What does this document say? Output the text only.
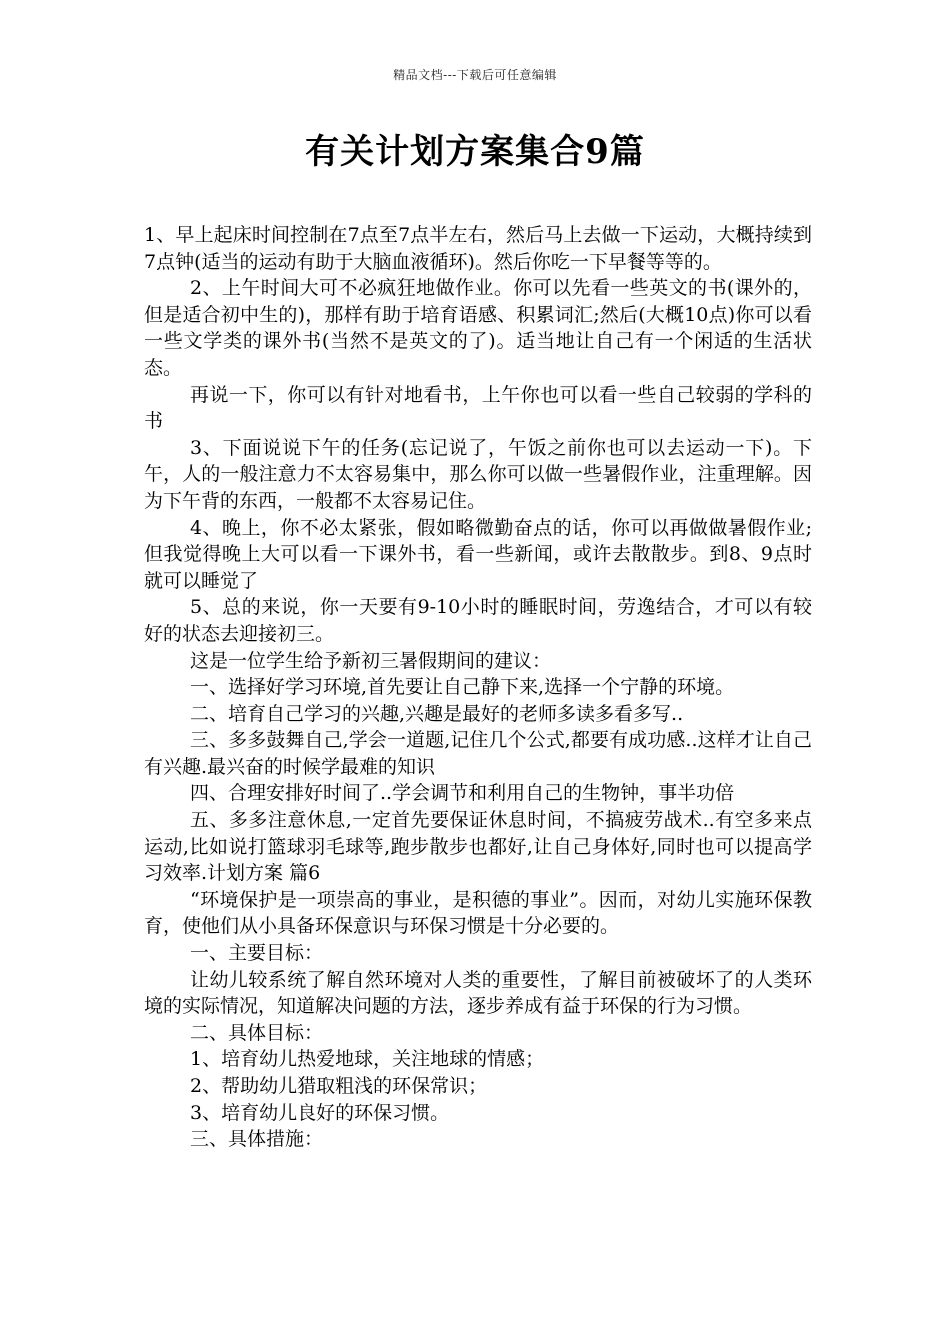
精品文档---下载后可任意编辑
有关计划方案集合9篇

1、早上起床时间控制在7点至7点半左右，然后马上去做一下运动，大概持续到7点钟(适当的运动有助于大脑血液循环)。然后你吃一下早餐等等的。

2、上午时间大可不必疯狂地做作业。你可以先看一些英文的书(课外的，但是适合初中生的)，那样有助于培育语感、积累词汇;然后(大概10点)你可以看一些文学类的课外书(当然不是英文的了)。适当地让自己有一个闲适的生活状态。

再说一下，你可以有针对地看书，上午你也可以看一些自己较弱的学科的书

3、下面说说下午的任务(忘记说了，午饭之前你也可以去运动一下)。下午，人的一般注意力不太容易集中，那么你可以做一些暑假作业，注重理解。因为下午背的东西，一般都不太容易记住。

4、晚上，你不必太紧张，假如略微勤奋点的话，你可以再做做暑假作业;但我觉得晚上大可以看一下课外书，看一些新闻，或许去散散步。到8、9点时就可以睡觉了

5、总的来说，你一天要有9-10小时的睡眠时间，劳逸结合，才可以有较好的状态去迎接初三。

这是一位学生给予新初三暑假期间的建议：

一、选择好学习环境,首先要让自己静下来,选择一个宁静的环境。

二、培育自己学习的兴趣,兴趣是最好的老师多读多看多写..

三、多多鼓舞自己,学会一道题,记住几个公式,都要有成功感..这样才让自己有兴趣.最兴奋的时候学最难的知识

四、合理安排好时间了..学会调节和利用自己的生物钟，事半功倍

五、多多注意休息,一定首先要保证休息时间，不搞疲劳战术..有空多来点运动,比如说打篮球羽毛球等,跑步散步也都好,让自己身体好,同时也可以提高学习效率.计划方案 篇6

“环境保护是一项崇高的事业，是积德的事业”。因而，对幼儿实施环保教育，使他们从小具备环保意识与环保习惯是十分必要的。

一、主要目标：

让幼儿较系统了解自然环境对人类的重要性，了解目前被破坏了的人类环境的实际情况，知道解决问题的方法，逐步养成有益于环保的行为习惯。

二、具体目标：

1、培育幼儿热爱地球，关注地球的情感；

2、帮助幼儿猎取粗浅的环保常识；

3、培育幼儿良好的环保习惯。

三、具体措施：
